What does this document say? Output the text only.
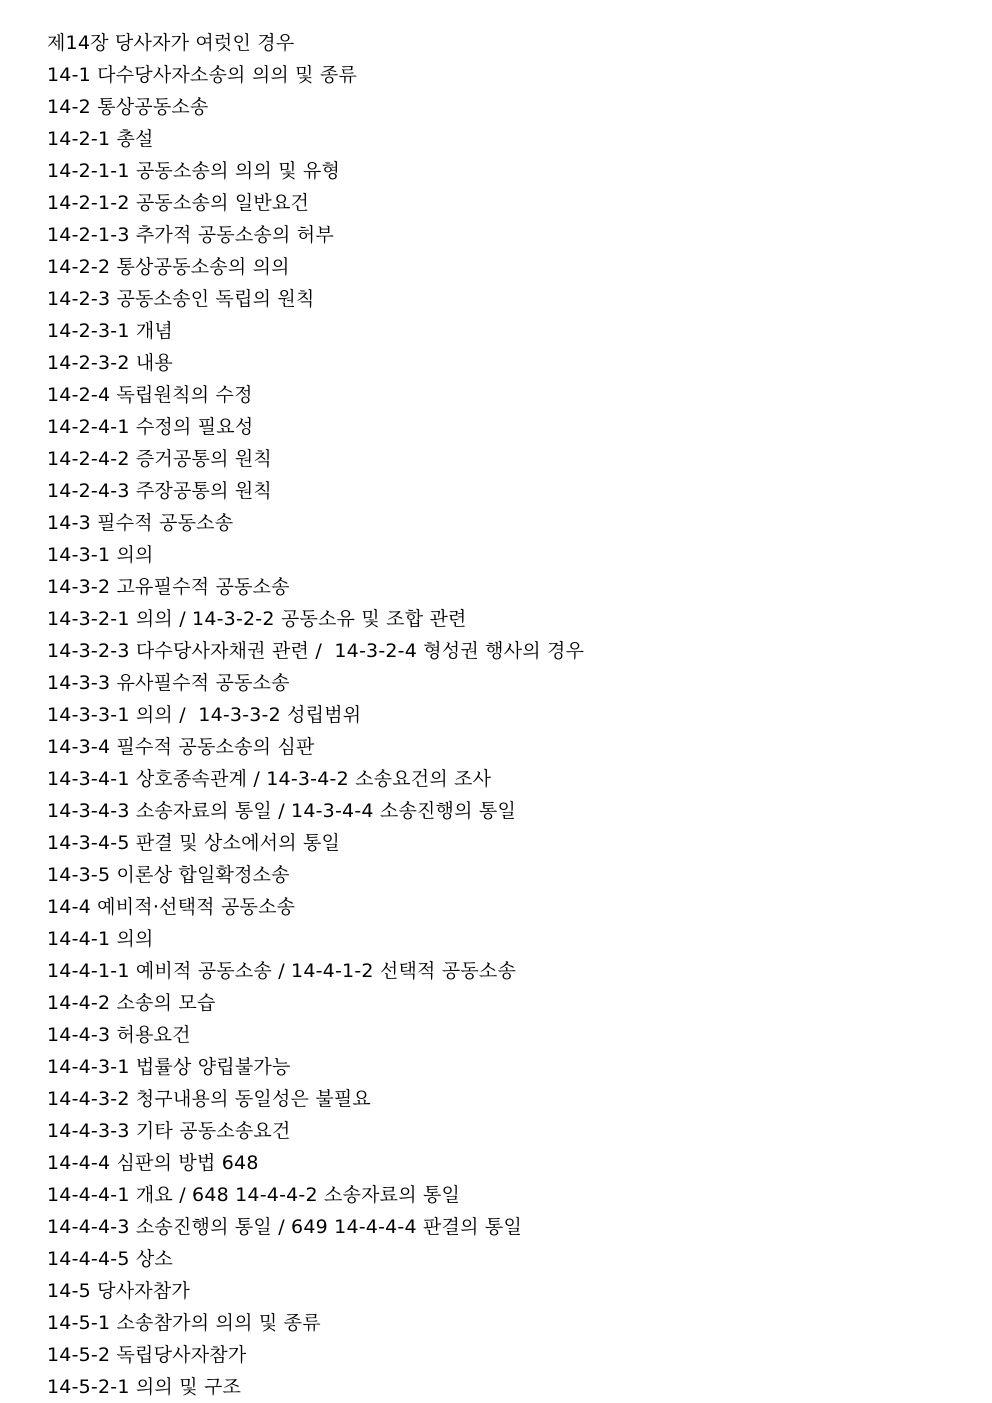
제14장 당사자가 여럿인 경우
14-1 다수당사자소송의 의의 및 종류
14-2 통상공동소송
14-2-1 총설
14-2-1-1 공동소송의 의의 및 유형
14-2-1-2 공동소송의 일반요건
14-2-1-3 추가적 공동소송의 허부
14-2-2 통상공동소송의 의의
14-2-3 공동소송인 독립의 원칙
14-2-3-1 개념
14-2-3-2 내용
14-2-4 독립원칙의 수정
14-2-4-1 수정의 필요성
14-2-4-2 증거공통의 원칙
14-2-4-3 주장공통의 원칙
14-3 필수적 공동소송
14-3-1 의의
14-3-2 고유필수적 공동소송
14-3-2-1 의의 / 14-3-2-2 공동소유 및 조합 관련
14-3-2-3 다수당사자채권 관련 /  14-3-2-4 형성권 행사의 경우
14-3-3 유사필수적 공동소송
14-3-3-1 의의 /  14-3-3-2 성립범위
14-3-4 필수적 공동소송의 심판
14-3-4-1 상호종속관계 / 14-3-4-2 소송요건의 조사
14-3-4-3 소송자료의 통일 / 14-3-4-4 소송진행의 통일
14-3-4-5 판결 및 상소에서의 통일
14-3-5 이론상 합일확정소송
14-4 예비적·선택적 공동소송
14-4-1 의의
14-4-1-1 예비적 공동소송 / 14-4-1-2 선택적 공동소송
14-4-2 소송의 모습
14-4-3 허용요건
14-4-3-1 법률상 양립불가능
14-4-3-2 청구내용의 동일성은 불필요
14-4-3-3 기타 공동소송요건
14-4-4 심판의 방법 648
14-4-4-1 개요 / 648 14-4-4-2 소송자료의 통일
14-4-4-3 소송진행의 통일 / 649 14-4-4-4 판결의 통일
14-4-4-5 상소
14-5 당사자참가
14-5-1 소송참가의 의의 및 종류
14-5-2 독립당사자참가
14-5-2-1 의의 및 구조
